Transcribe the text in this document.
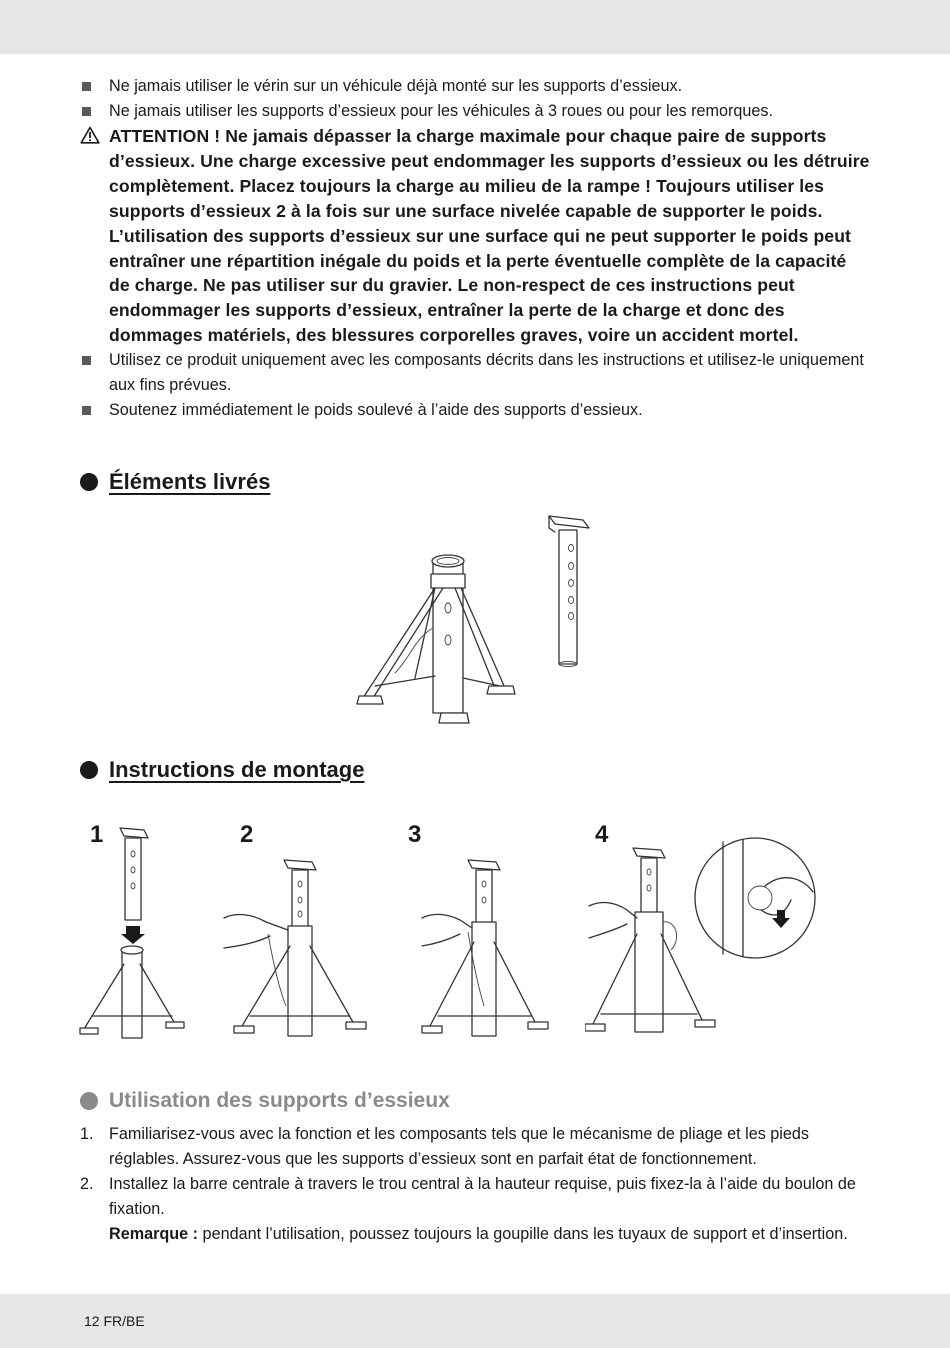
Ne jamais utiliser le vérin sur un véhicule déjà monté sur les supports d’essieux.
Ne jamais utiliser les supports d’essieux pour les véhicules à 3 roues ou pour les remorques.
ATTENTION ! Ne jamais dépasser la charge maximale pour chaque paire de supports d’essieux. Une charge excessive peut endommager les supports d’essieux ou les détruire complètement. Placez toujours la charge au milieu de la rampe ! Toujours utiliser les supports d’essieux 2 à la fois sur une surface nivelée capable de supporter le poids. L’utilisation des supports d’essieux sur une surface qui ne peut supporter le poids peut entraîner une répartition inégale du poids et la perte éventuelle complète de la capacité de charge. Ne pas utiliser sur du gravier. Le non-respect de ces instructions peut endommager les supports d’essieux, entraîner la perte de la charge et donc des dommages matériels, des blessures corporelles graves, voire un accident mortel.
Utilisez ce produit uniquement avec les composants décrits dans les instructions et utilisez-le uniquement aux fins prévues.
Soutenez immédiatement le poids soulevé à l’aide des supports d’essieux.
Éléments livrés
Instructions de montage
1	2	3	4
Utilisation des supports d’essieux
1. Familiarisez-vous avec la fonction et les composants tels que le mécanisme de pliage et les pieds réglables. Assurez-vous que les supports d’essieux sont en parfait état de fonctionnement.
2. Installez la barre centrale à travers le trou central à la hauteur requise, puis fixez-la à l’aide du boulon de fixation.
Remarque : pendant l’utilisation, poussez toujours la goupille dans les tuyaux de support et d’insertion.
12 FR/BE
